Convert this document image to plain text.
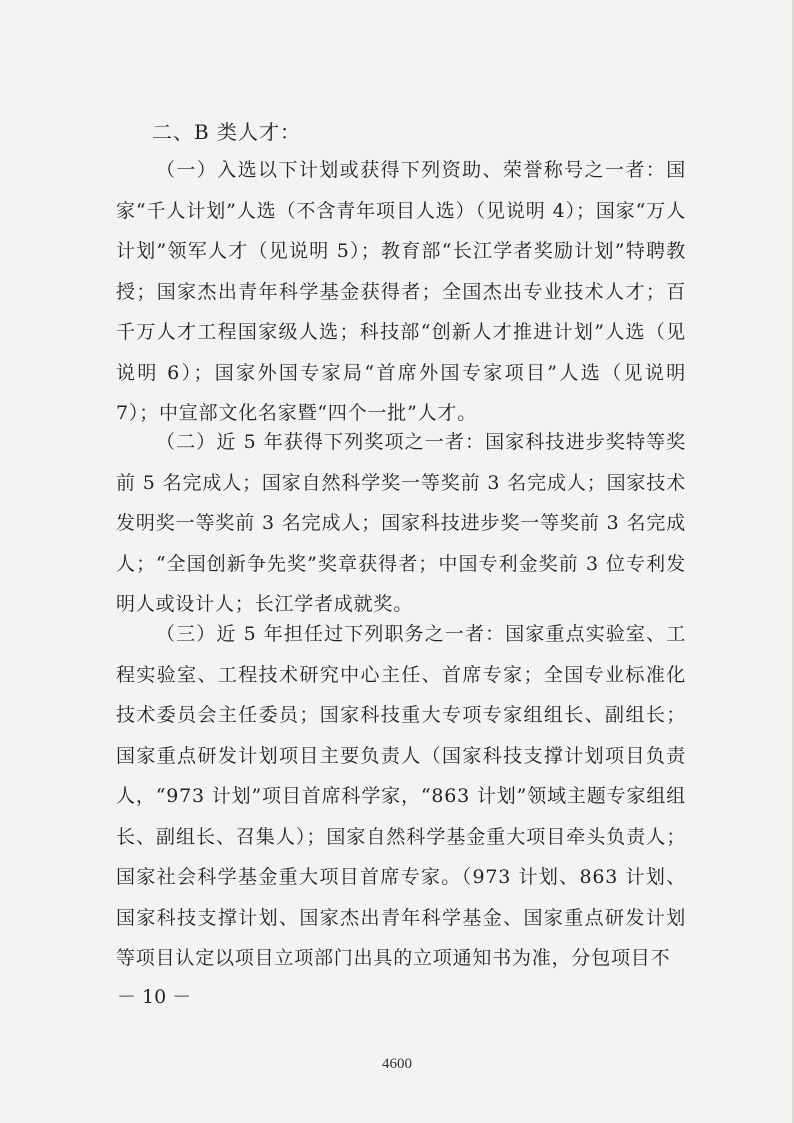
二、B 类人才：

（一）入选以下计划或获得下列资助、荣誉称号之一者：国家“千人计划”人选（不含青年项目人选）（见说明 4）；国家“万人计划”领军人才（见说明 5）；教育部“长江学者奖励计划”特聘教授；国家杰出青年科学基金获得者；全国杰出专业技术人才；百千万人才工程国家级人选；科技部“创新人才推进计划”人选（见说明 6）；国家外国专家局“首席外国专家项目”人选（见说明 7）；中宣部文化名家暨“四个一批”人才。

（二）近 5 年获得下列奖项之一者：国家科技进步奖特等奖前 5 名完成人；国家自然科学奖一等奖前 3 名完成人；国家技术发明奖一等奖前 3 名完成人；国家科技进步奖一等奖前 3 名完成人；“全国创新争先奖”奖章获得者；中国专利金奖前 3 位专利发明人或设计人；长江学者成就奖。

（三）近 5 年担任过下列职务之一者：国家重点实验室、工程实验室、工程技术研究中心主任、首席专家；全国专业标准化技术委员会主任委员；国家科技重大专项专家组组长、副组长；国家重点研发计划项目主要负责人（国家科技支撑计划项目负责人，“973 计划”项目首席科学家，“863 计划”领域主题专家组组长、副组长、召集人）；国家自然科学基金重大项目牵头负责人；国家社会科学基金重大项目首席专家。（973 计划、863 计划、国家科技支撑计划、国家杰出青年科学基金、国家重点研发计划等项目认定以项目立项部门出具的立项通知书为准，分包项目不

－ 10 －
4600
